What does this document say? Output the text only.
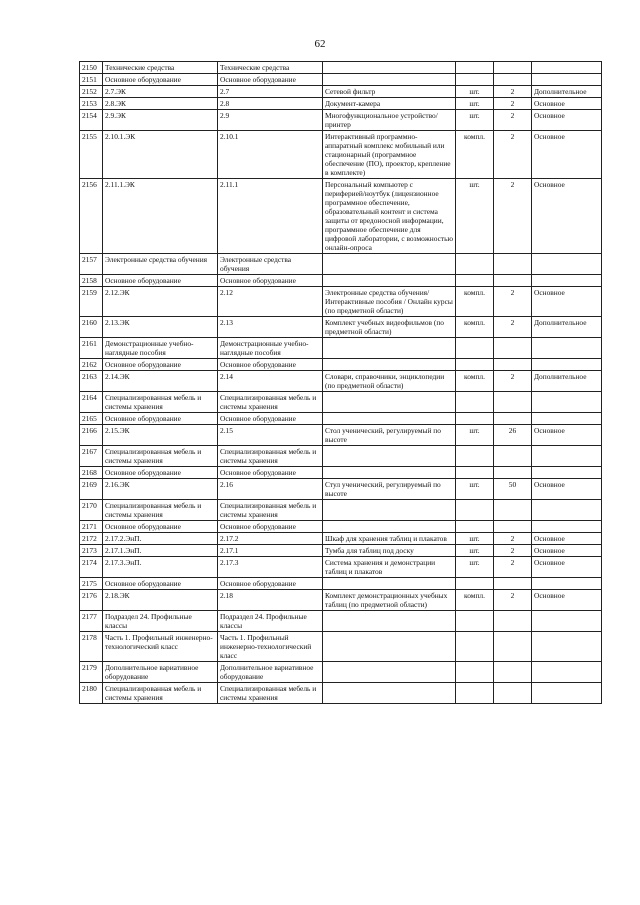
62
2150	Технические средства	Технические средства				
2151	Основное оборудование	Основное оборудование				
2152	2.7.ЭК	2.7	Сетевой фильтр	шт.	2	Дополнительное
2153	2.8.ЭК	2.8	Документ-камера	шт.	2	Основное
2154	2.9.ЭК	2.9	Многофункциональное устройство/принтер	шт.	2	Основное
2155	2.10.1.ЭК	2.10.1	Интерактивный программно-аппаратный комплекс мобильный или стационарный (программное обеспечение (ПО), проектор, крепление в комплекте)	компл.	2	Основное
2156	2.11.1.ЭК	2.11.1	Персональный компьютер с периферией/ноутбук (лицензионное программное обеспечение, образовательный контент и система защиты от вредоносной информации, программное обеспечение для цифровой лаборатории, с возможностью онлайн-опроса	шт.	2	Основное
2157	Электронные средства обучения	Электронные средства обучения				
2158	Основное оборудование	Основное оборудование				
2159	2.12.ЭК	2.12	Электронные средства обучения/Интерактивные пособия / Онлайн курсы (по предметной области)	компл.	2	Основное
2160	2.13.ЭК	2.13	Комплект учебных видеофильмов (по предметной области)	компл.	2	Дополнительное
2161	Демонстрационные учебно-наглядные пособия	Демонстрационные учебно-наглядные пособия				
2162	Основное оборудование	Основное оборудование				
2163	2.14.ЭК	2.14	Словари, справочники, энциклопедии (по предметной области)	компл.	2	Дополнительное
2164	Специализированная мебель и системы хранения	Специализированная мебель и системы хранения				
2165	Основное оборудование	Основное оборудование				
2166	2.15.ЭК	2.15	Стол ученический, регулируемый по высоте	шт.	26	Основное
2167	Специализированная мебель и системы хранения	Специализированная мебель и системы хранения				
2168	Основное оборудование	Основное оборудование				
2169	2.16.ЭК	2.16	Стул ученический, регулируемый по высоте	шт.	50	Основное
2170	Специализированная мебель и системы хранения	Специализированная мебель и системы хранения				
2171	Основное оборудование	Основное оборудование				
2172	2.17.2.ЭнП.	2.17.2	Шкаф для хранения таблиц и плакатов	шт.	2	Основное
2173	2.17.1.ЭнП.	2.17.1	Тумба для таблиц под доску	шт.	2	Основное
2174	2.17.3.ЭнП.	2.17.3	Система хранения и демонстрации таблиц и плакатов	шт.	2	Основное
2175	Основное оборудование	Основное оборудование				
2176	2.18.ЭК	2.18	Комплект демонстрационных учебных таблиц (по предметной области)	компл.	2	Основное
2177	Подраздел 24. Профильные классы	Подраздел 24. Профильные классы				
2178	Часть 1. Профильный инженерно-технологический класс	Часть 1. Профильный инженерно-технологический класс				
2179	Дополнительное вариативное оборудование	Дополнительное вариативное оборудование				
2180	Специализированная мебель и системы хранения	Специализированная мебель и системы хранения				
